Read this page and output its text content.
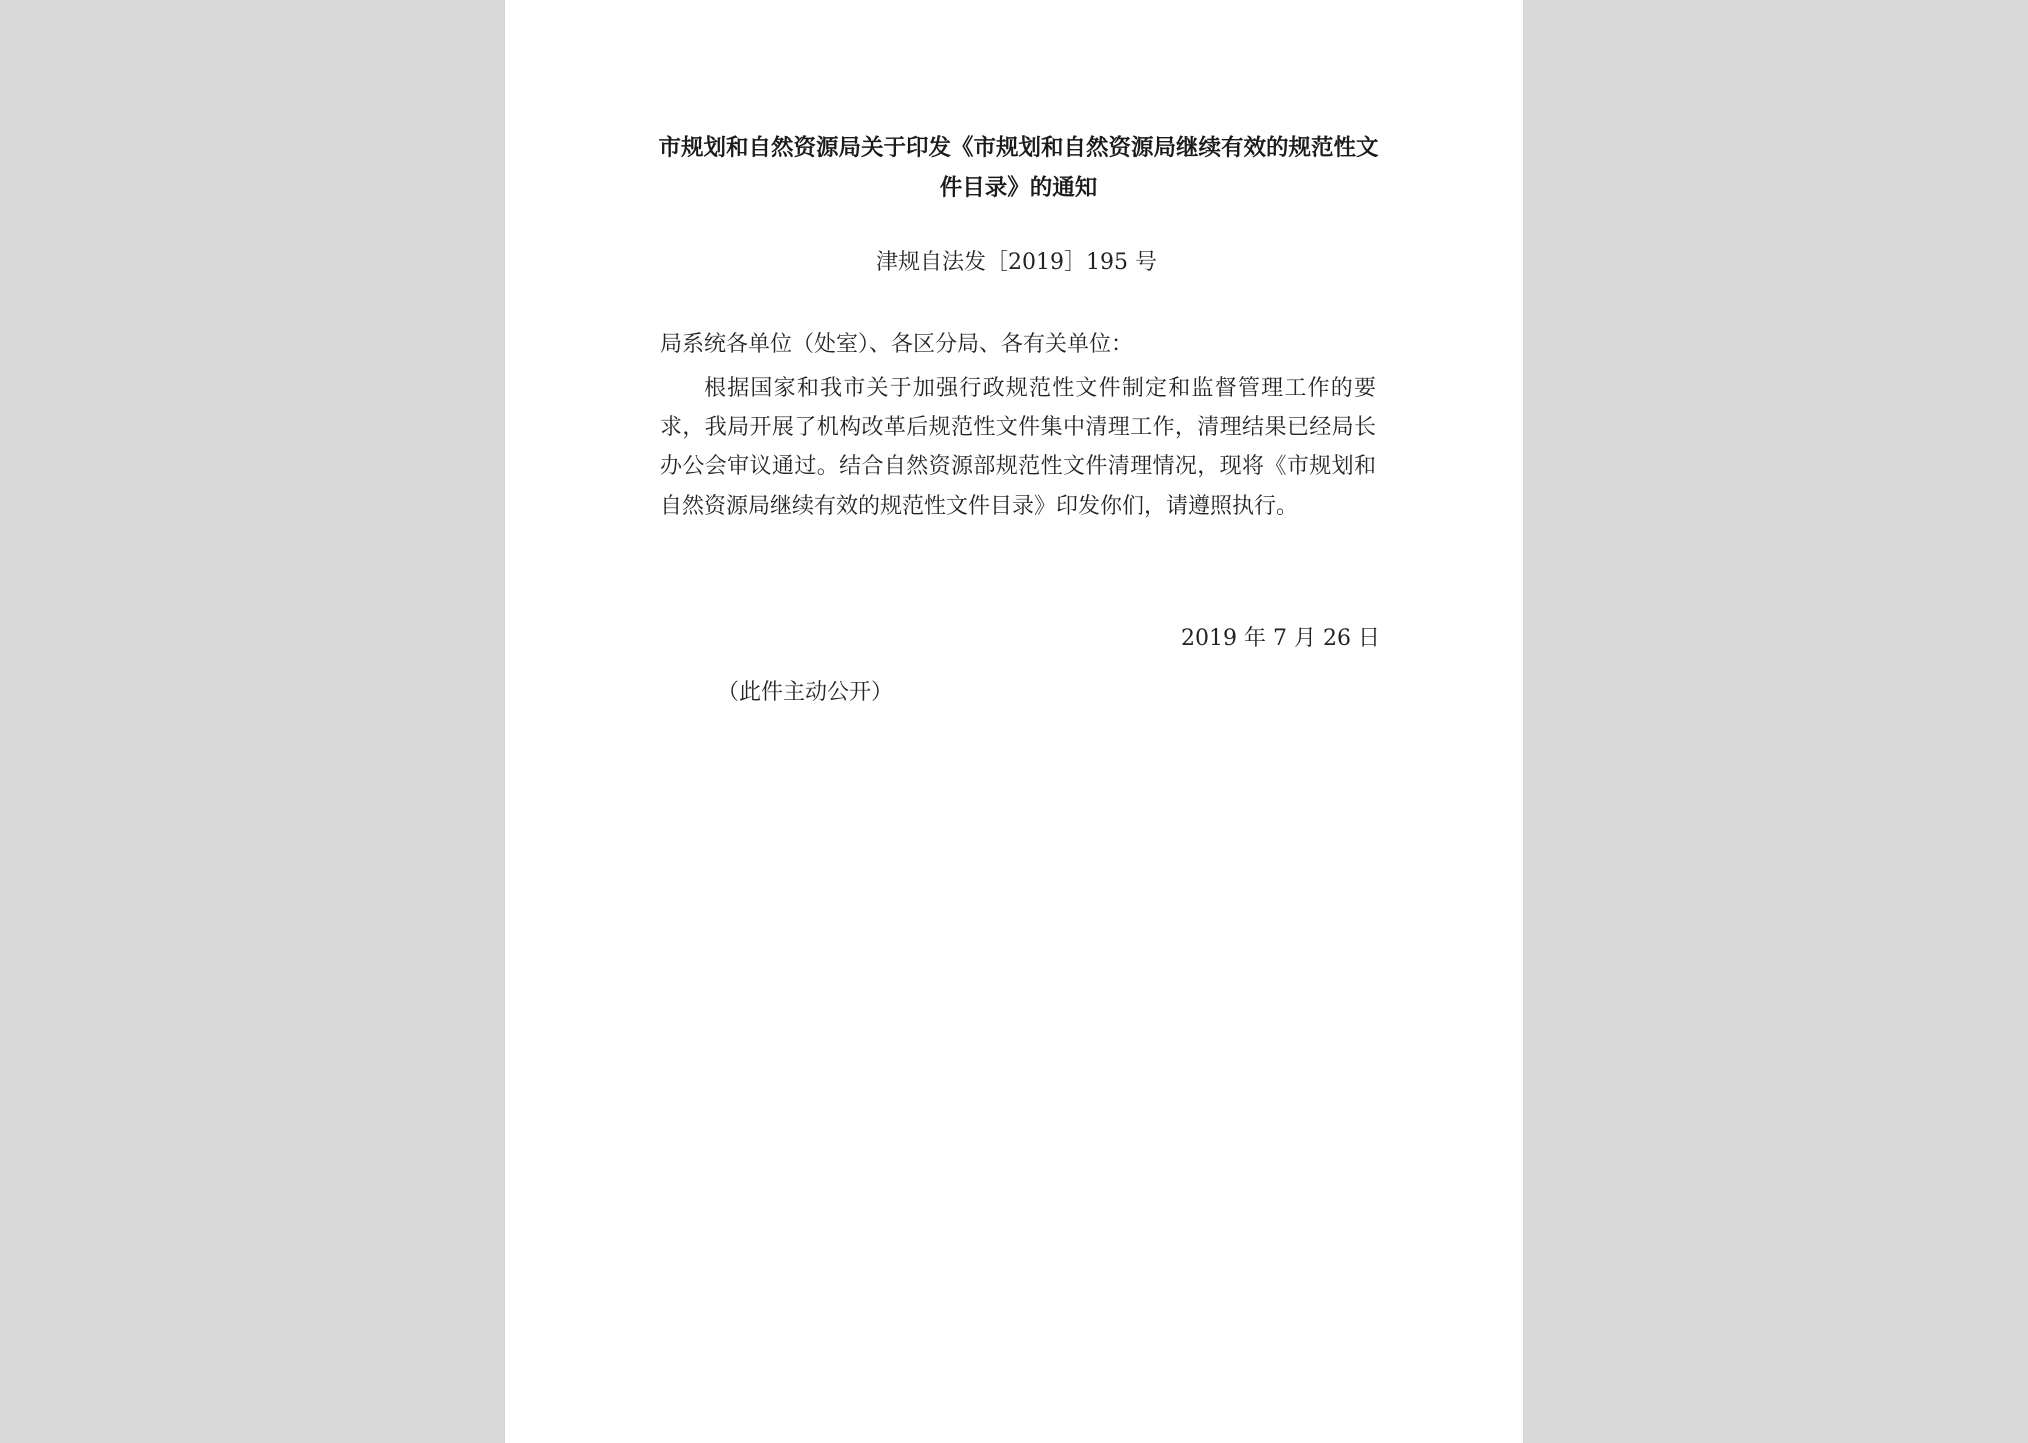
市规划和自然资源局关于印发《市规划和自然资源局继续有效的规范性文件目录》的通知
津规自法发［2019］195 号
局系统各单位（处室）、各区分局、各有关单位：
根据国家和我市关于加强行政规范性文件制定和监督管理工作的要求，我局开展了机构改革后规范性文件集中清理工作，清理结果已经局长办公会审议通过。结合自然资源部规范性文件清理情况，现将《市规划和自然资源局继续有效的规范性文件目录》印发你们，请遵照执行。
2019 年 7 月 26 日
（此件主动公开）
